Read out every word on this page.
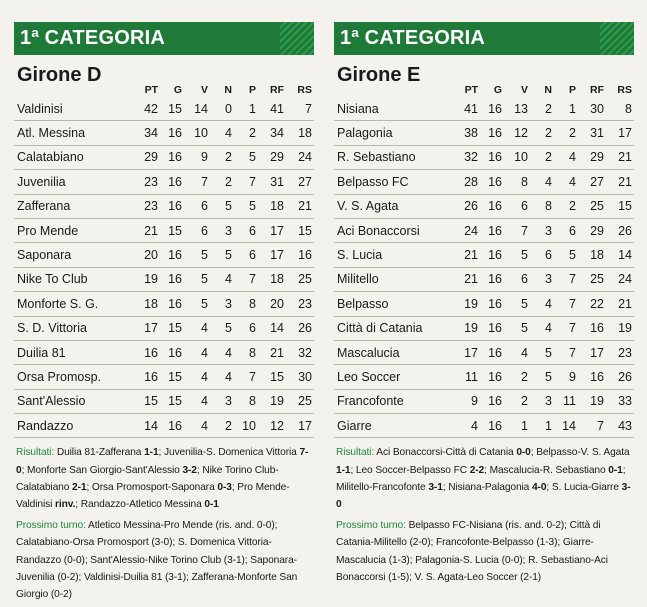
1ª CATEGORIA
Girone D
	PT	G	V	N	P	RF	RS
Valdinisi	42	15	14	0	1	41	7
Atl. Messina	34	16	10	4	2	34	18
Calatabiano	29	16	9	2	5	29	24
Juvenilia	23	16	7	2	7	31	27
Zafferana	23	16	6	5	5	18	21
Pro Mende	21	15	6	3	6	17	15
Saponara	20	16	5	5	6	17	16
Nike To Club	19	16	5	4	7	18	25
Monforte S. G.	18	16	5	3	8	20	23
S. D. Vittoria	17	15	4	5	6	14	26
Duilia 81	16	16	4	4	8	21	32
Orsa Promosp.	16	15	4	4	7	15	30
Sant'Alessio	15	15	4	3	8	19	25
Randazzo	14	16	4	2	10	12	17

Risultati: Duilia 81-Zafferana 1-1; Juvenilia-S. Domenica Vittoria 7-0; Monforte San Giorgio-Sant'Alessio 3-2; Nike Torino Club-Calatabiano 2-1; Orsa Promosport-Saponara 0-3; Pro Mende-Valdinisi rinv.; Randazzo-Atletico Messina 0-1

Prossimo turno: Atletico Messina-Pro Mende (ris. and. 0-0); Calatabiano-Orsa Promosport (3-0); S. Domenica Vittoria-Randazzo (0-0); Sant'Alessio-Nike Torino Club (3-1); Saponara-Juvenilia (0-2); Valdinisi-Duilia 81 (3-1); Zafferana-Monforte San Giorgio (0-2)

1ª CATEGORIA
Girone E
	PT	G	V	N	P	RF	RS
Nisiana	41	16	13	2	1	30	8
Palagonia	38	16	12	2	2	31	17
R. Sebastiano	32	16	10	2	4	29	21
Belpasso FC	28	16	8	4	4	27	21
V. S. Agata	26	16	6	8	2	25	15
Aci Bonaccorsi	24	16	7	3	6	29	26
S. Lucia	21	16	5	6	5	18	14
Militello	21	16	6	3	7	25	24
Belpasso	19	16	5	4	7	22	21
Città di Catania	19	16	5	4	7	16	19
Mascalucia	17	16	4	5	7	17	23
Leo Soccer	11	16	2	5	9	16	26
Francofonte	9	16	2	3	11	19	33
Giarre	4	16	1	1	14	7	43

Risultati: Aci Bonaccorsi-Città di Catania 0-0; Belpasso-V. S. Agata 1-1; Leo Soccer-Belpasso FC 2-2; Mascalucia-R. Sebastiano 0-1; Militello-Francofonte 3-1; Nisiana-Palagonia 4-0; S. Lucia-Giarre 3-0

Prossimo turno: Belpasso FC-Nisiana (ris. and. 0-2); Città di Catania-Militello (2-0); Francofonte-Belpasso (1-3); Giarre-Mascalucia (1-3); Palagonia-S. Lucia (0-0); R. Sebastiano-Aci Bonaccorsi (1-5); V. S. Agata-Leo Soccer (2-1)
